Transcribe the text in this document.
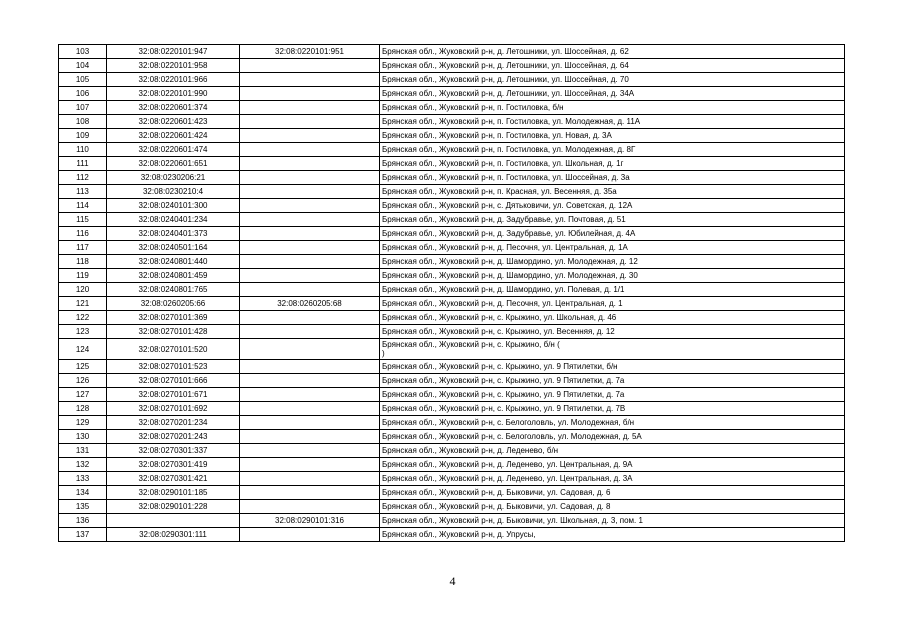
103	32:08:0220101:947	32:08:0220101:951	Брянская обл., Жуковский р-н, д. Летошники, ул. Шоссейная, д. 62
104	32:08:0220101:958		Брянская обл., Жуковский р-н, д. Летошники, ул. Шоссейная, д. 64
105	32:08:0220101:966		Брянская обл., Жуковский р-н, д. Летошники, ул. Шоссейная, д. 70
106	32:08:0220101:990		Брянская обл., Жуковский р-н, д. Летошники, ул. Шоссейная, д. 34А
107	32:08:0220601:374		Брянская обл., Жуковский р-н, п. Гостиловка, б/н
108	32:08:0220601:423		Брянская обл., Жуковский р-н, п. Гостиловка, ул. Молодежная, д. 11А
109	32:08:0220601:424		Брянская обл., Жуковский р-н, п. Гостиловка, ул. Новая, д. 3А
110	32:08:0220601:474		Брянская обл., Жуковский р-н, п. Гостиловка, ул. Молодежная, д. 8Г
111	32:08:0220601:651		Брянская обл., Жуковский р-н, п. Гостиловка, ул. Школьная, д. 1г
112	32:08:0230206:21		Брянская обл., Жуковский р-н, п. Гостиловка, ул. Шоссейная, д. 3а
113	32:08:0230210:4		Брянская обл., Жуковский р-н, п. Красная, ул. Весенняя, д. 35а
114	32:08:0240101:300		Брянская обл., Жуковский р-н, с. Дятьковичи, ул. Советская, д. 12А
115	32:08:0240401:234		Брянская обл., Жуковский р-н, д. Задубравье, ул. Почтовая, д. 51
116	32:08:0240401:373		Брянская обл., Жуковский р-н, д. Задубравье, ул. Юбилейная, д. 4А
117	32:08:0240501:164		Брянская обл., Жуковский р-н, д. Песочня, ул. Центральная, д. 1А
118	32:08:0240801:440		Брянская обл., Жуковский р-н, д. Шамордино, ул. Молодежная, д. 12
119	32:08:0240801:459		Брянская обл., Жуковский р-н, д. Шамордино, ул. Молодежная, д. 30
120	32:08:0240801:765		Брянская обл., Жуковский р-н, д. Шамордино, ул. Полевая, д. 1/1
121	32:08:0260205:66	32:08:0260205:68	Брянская обл., Жуковский р-н, д. Песочня, ул. Центральная, д. 1
122	32:08:0270101:369		Брянская обл., Жуковский р-н, с. Крыжино, ул. Школьная, д. 46
123	32:08:0270101:428		Брянская обл., Жуковский р-н, с. Крыжино, ул. Весенняя, д. 12
124	32:08:0270101:520		Брянская обл., Жуковский р-н, с. Крыжино, б/н (
)
125	32:08:0270101:523		Брянская обл., Жуковский р-н, с. Крыжино, ул. 9 Пятилетки, б/н
126	32:08:0270101:666		Брянская обл., Жуковский р-н, с. Крыжино, ул. 9 Пятилетки, д. 7а
127	32:08:0270101:671		Брянская обл., Жуковский р-н, с. Крыжино, ул. 9 Пятилетки, д. 7а
128	32:08:0270101:692		Брянская обл., Жуковский р-н, с. Крыжино, ул. 9 Пятилетки, д. 7В
129	32:08:0270201:234		Брянская обл., Жуковский р-н, с. Белоголовль, ул. Молодежная, б/н
130	32:08:0270201:243		Брянская обл., Жуковский р-н, с. Белоголовль, ул. Молодежная, д. 5А
131	32:08:0270301:337		Брянская обл., Жуковский р-н, д. Леденево, б/н
132	32:08:0270301:419		Брянская обл., Жуковский р-н, д. Леденево, ул. Центральная, д. 9А
133	32:08:0270301:421		Брянская обл., Жуковский р-н, д. Леденево, ул. Центральная, д. 3А
134	32:08:0290101:185		Брянская обл., Жуковский р-н, д. Быковичи, ул. Садовая, д. 6
135	32:08:0290101:228		Брянская обл., Жуковский р-н, д. Быковичи, ул. Садовая, д. 8
136		32:08:0290101:316	Брянская обл., Жуковский р-н, д. Быковичи, ул. Школьная, д. 3, пом. 1
137	32:08:0290301:111		Брянская обл., Жуковский р-н, д. Упрусы,
4
